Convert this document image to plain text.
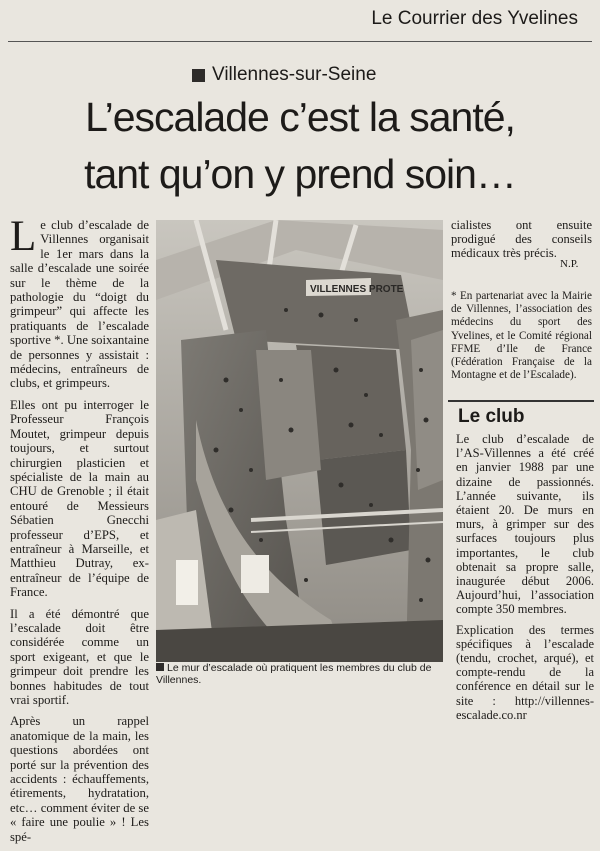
Le Courrier des Yvelines
Villennes-sur-Seine
L’escalade c’est la santé,
tant qu’on y prend soin…

Le club d’escalade de Villennes organisait le 1er mars dans la salle d’escalade une soirée sur le thème de la pathologie du “doigt du grimpeur” qui affecte les pratiquants de l’escalade sportive *. Une soixantaine de personnes y assistait : médecins, entraîneurs de clubs, et grimpeurs.

Elles ont pu interroger le Professeur François Moutet, grimpeur depuis toujours, et surtout chirurgien plasticien et spécialiste de la main au CHU de Grenoble ; il était entouré de Messieurs Sébatien Gnecchi professeur d’EPS, et entraîneur à Marseille, et Matthieu Dutray, ex-entraîneur de l’équipe de France.

Il a été démontré que l’escalade doit être considérée comme un sport exigeant, et que le grimpeur doit prendre les bonnes habitudes de tout vrai sportif.

Après un rappel anatomique de la main, les questions abordées ont porté sur la prévention des accidents : échauffements, étirements, hydratation, etc… comment éviter de se « faire une poulie » ! Les spé-

VILLENNES PROTE
Le mur d’escalade où pratiquent les membres du club de Villennes.
cialistes ont ensuite prodigué des conseils médicaux très précis.
N.P.
* En partenariat avec la Mairie de Villennes, l’association des médecins du sport des Yvelines, et le Comité régional FFME d’Ile de France (Fédération Française de la Montagne et de l’Escalade).
Le club

Le club d’escalade de l’AS-Villennes a été créé en janvier 1988 par une dizaine de passionnés. L’année suivante, ils étaient 20. De murs en murs, à grimper sur des surfaces toujours plus importantes, le club obtenait sa propre salle, inaugurée début 2006. Aujourd’hui, l’association compte 350 membres.

Explication des termes spécifiques à l’escalade (tendu, crochet, arqué), et compte-rendu de la conférence en détail sur le site : http://villennes-escalade.co.nr
